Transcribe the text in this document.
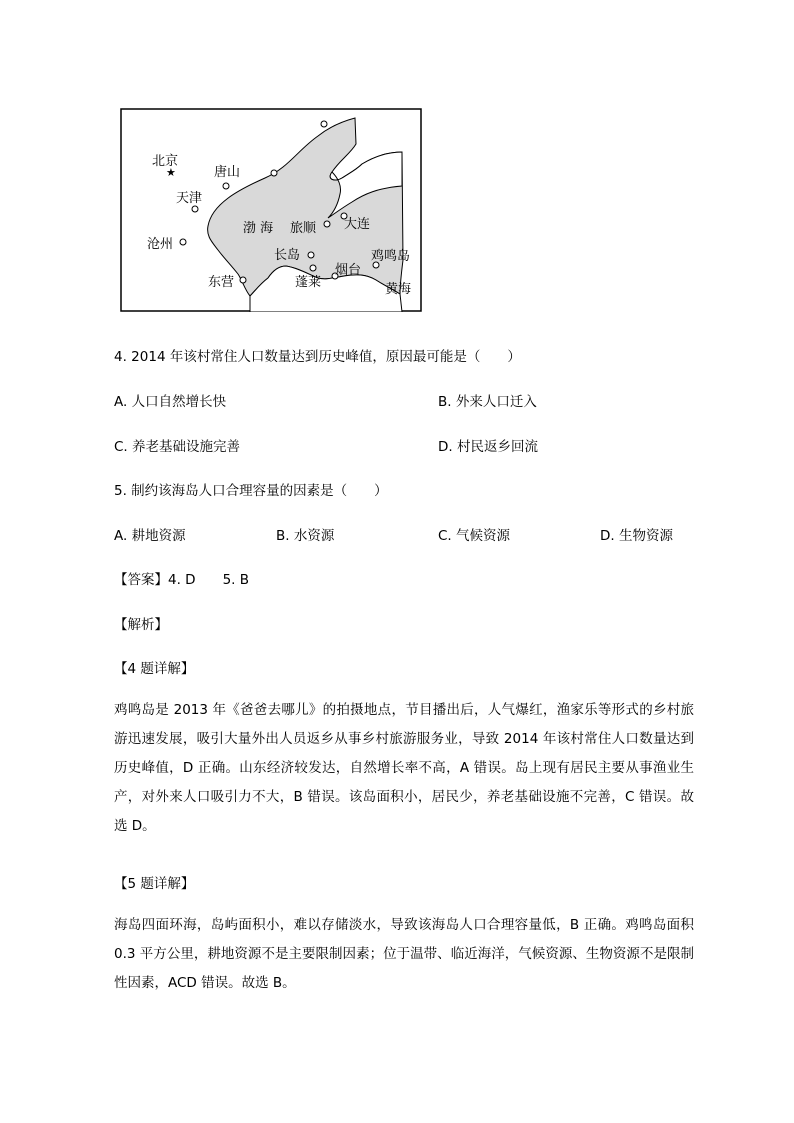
★
北京
唐山
天津
沧州
东营
渤 海 旅顺 大连
长岛
蓬莱
烟台
鸡鸣岛
黄海
4. 2014 年该村常住人口数量达到历史峰值，原因最可能是（　　）
A. 人口自然增长快	B. 外来人口迁入
C. 养老基础设施完善	D. 村民返乡回流
5. 制约该海岛人口合理容量的因素是（　　）
A. 耕地资源	B. 水资源	C. 气候资源	D. 生物资源
【答案】4. D　　5. B
【解析】
【4 题详解】
鸡鸣岛是 2013 年《爸爸去哪儿》的拍摄地点，节目播出后，人气爆红，渔家乐等形式的乡村旅游迅速发展，吸引大量外出人员返乡从事乡村旅游服务业，导致 2014 年该村常住人口数量达到历史峰值，D 正确。山东经济较发达，自然增长率不高，A 错误。岛上现有居民主要从事渔业生产，对外来人口吸引力不大，B 错误。该岛面积小，居民少，养老基础设施不完善，C 错误。故选 D。
【5 题详解】
海岛四面环海，岛屿面积小，难以存储淡水，导致该海岛人口合理容量低，B 正确。鸡鸣岛面积 0.3 平方公里，耕地资源不是主要限制因素；位于温带、临近海洋，气候资源、生物资源不是限制性因素，ACD 错误。故选 B。
